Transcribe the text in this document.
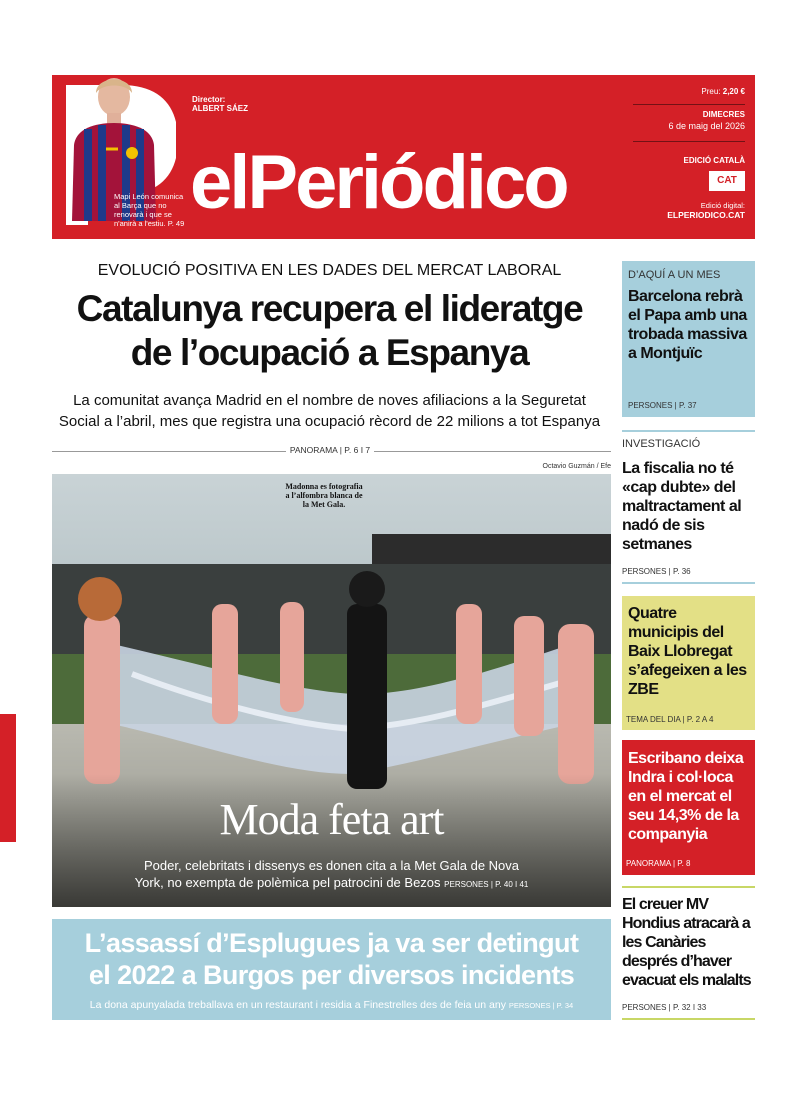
Mapi León comunica al Barça que no renovarà i que se n'anirà a l'estiu. P. 49
Director:
ALBERT SÁEZ
elPeriódico
Preu: 2,20 €
DIMECRES
6 de maig del 2026
EDICIÓ CATALÀ
CAT
Edició digital:
ELPERIODICO.CAT
EVOLUCIÓ POSITIVA EN LES DADES DEL MERCAT LABORAL
Catalunya recupera el lideratge
de l’ocupació a Espanya
La comunitat avança Madrid en el nombre de noves afiliacions a la Seguretat
Social a l’abril, mes que registra una ocupació rècord de 22 milions a tot Espanya
PANORAMA | P. 6 I 7
Octavio Guzmán / Efe
Madonna es fotografia a l’alfombra blanca de la Met Gala.
Moda feta art
Poder, celebritats i dissenys es donen cita a la Met Gala de Nova
York, no exempta de polèmica pel patrocini de Bezos PERSONES | P. 40 I 41
L’assassí d’Esplugues ja va ser detingut
el 2022 a Burgos per diversos incidents
La dona apunyalada treballava en un restaurant i residia a Finestrelles des de feia un any PERSONES | P. 34
D’AQUÍ A UN MES
Barcelona rebrà el Papa amb una trobada massiva a Montjuïc
PERSONES | P. 37
INVESTIGACIÓ
La fiscalia no té «cap dubte» del maltractament al nadó de sis setmanes
PERSONES | P. 36
Quatre municipis del Baix Llobregat s’afegeixen a les ZBE
TEMA DEL DIA | P. 2 A 4
Escribano deixa Indra i col·loca en el mercat el seu 14,3% de la companyia
PANORAMA | P. 8
El creuer MV Hondius atracarà a les Canàries després d’haver evacuat els malalts
PERSONES | P. 32 I 33
